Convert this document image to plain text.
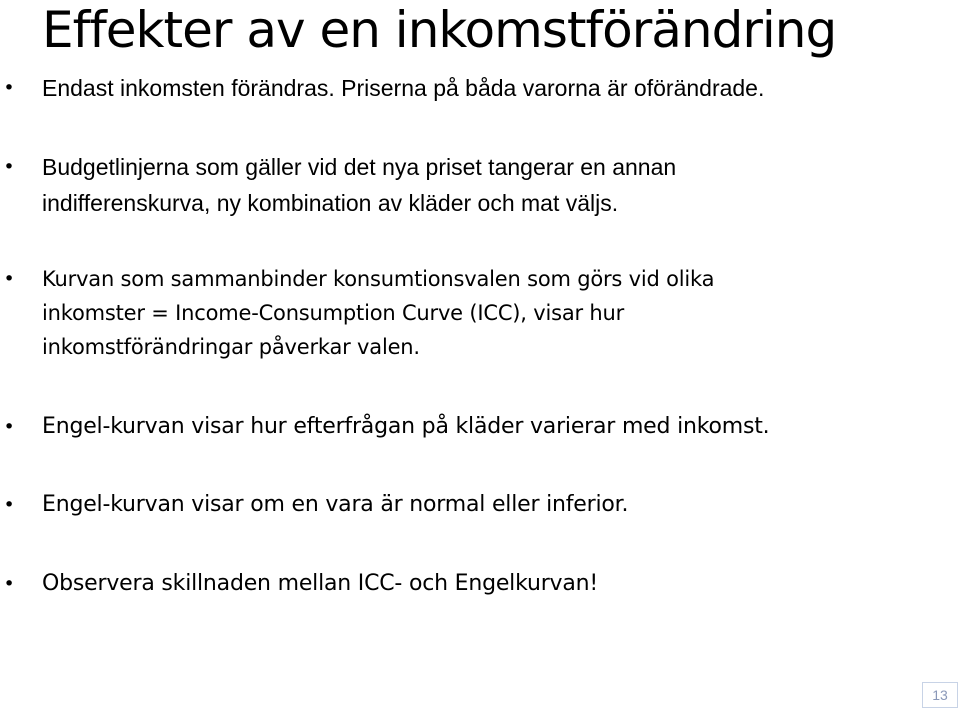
Effekter av en inkomstförändring
• Endast inkomsten förändras. Priserna på båda varorna är oförändrade.

• Budgetlinjerna som gäller vid det nya priset tangerar en annan
indifferenskurva, ny kombination av kläder och mat väljs.

• Kurvan som sammanbinder konsumtionsvalen som görs vid olika
inkomster = Income-Consumption Curve (ICC), visar hur
inkomstförändringar påverkar valen.

• Engel-kurvan visar hur efterfrågan på kläder varierar med inkomst.

• Engel-kurvan visar om en vara är normal eller inferior.

• Observera skillnaden mellan ICC- och Engelkurvan!

13
